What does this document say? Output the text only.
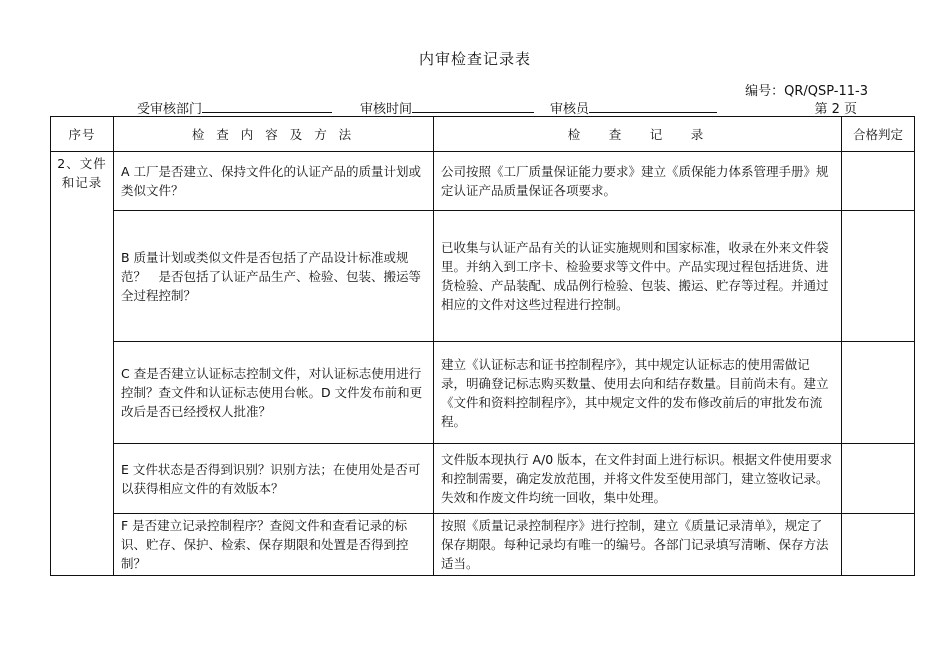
内审检查记录表
编号：QR/QSP-11-3
受审核部门	审核时间	审核员	第 2 页
序号	检 查 内 容 及 方 法	检　 查　 记　 录	合格判定
2、文件和记录	A 工厂是否建立、保持文件化的认证产品的质量计划或类似文件？	公司按照《工厂质量保证能力要求》建立《质保能力体系管理手册》规定认证产品质量保证各项要求。	
	B 质量计划或类似文件是否包括了产品设计标准或规范？　是否包括了认证产品生产、检验、包装、搬运等全过程控制？	已收集与认证产品有关的认证实施规则和国家标准，收录在外来文件袋里。并纳入到工序卡、检验要求等文件中。产品实现过程包括进货、进货检验、产品装配、成品例行检验、包装、搬运、贮存等过程。并通过相应的文件对这些过程进行控制。	
	C 查是否建立认证标志控制文件，对认证标志使用进行控制？查文件和认证标志使用台帐。D 文件发布前和更改后是否已经授权人批准？	建立《认证标志和证书控制程序》，其中规定认证标志的使用需做记录，明确登记标志购买数量、使用去向和结存数量。目前尚未有。建立《文件和资料控制程序》，其中规定文件的发布修改前后的审批发布流程。	
	E 文件状态是否得到识别？识别方法；在使用处是否可以获得相应文件的有效版本？	文件版本现执行 A/0 版本，在文件封面上进行标识。根据文件使用要求和控制需要，确定发放范围，并将文件发至使用部门，建立签收记录。失效和作废文件均统一回收，集中处理。	
	F 是否建立记录控制程序？查阅文件和查看记录的标识、贮存、保护、检索、保存期限和处置是否得到控制？	按照《质量记录控制程序》进行控制，建立《质量记录清单》，规定了保存期限。每种记录均有唯一的编号。各部门记录填写清晰、保存方法适当。	
